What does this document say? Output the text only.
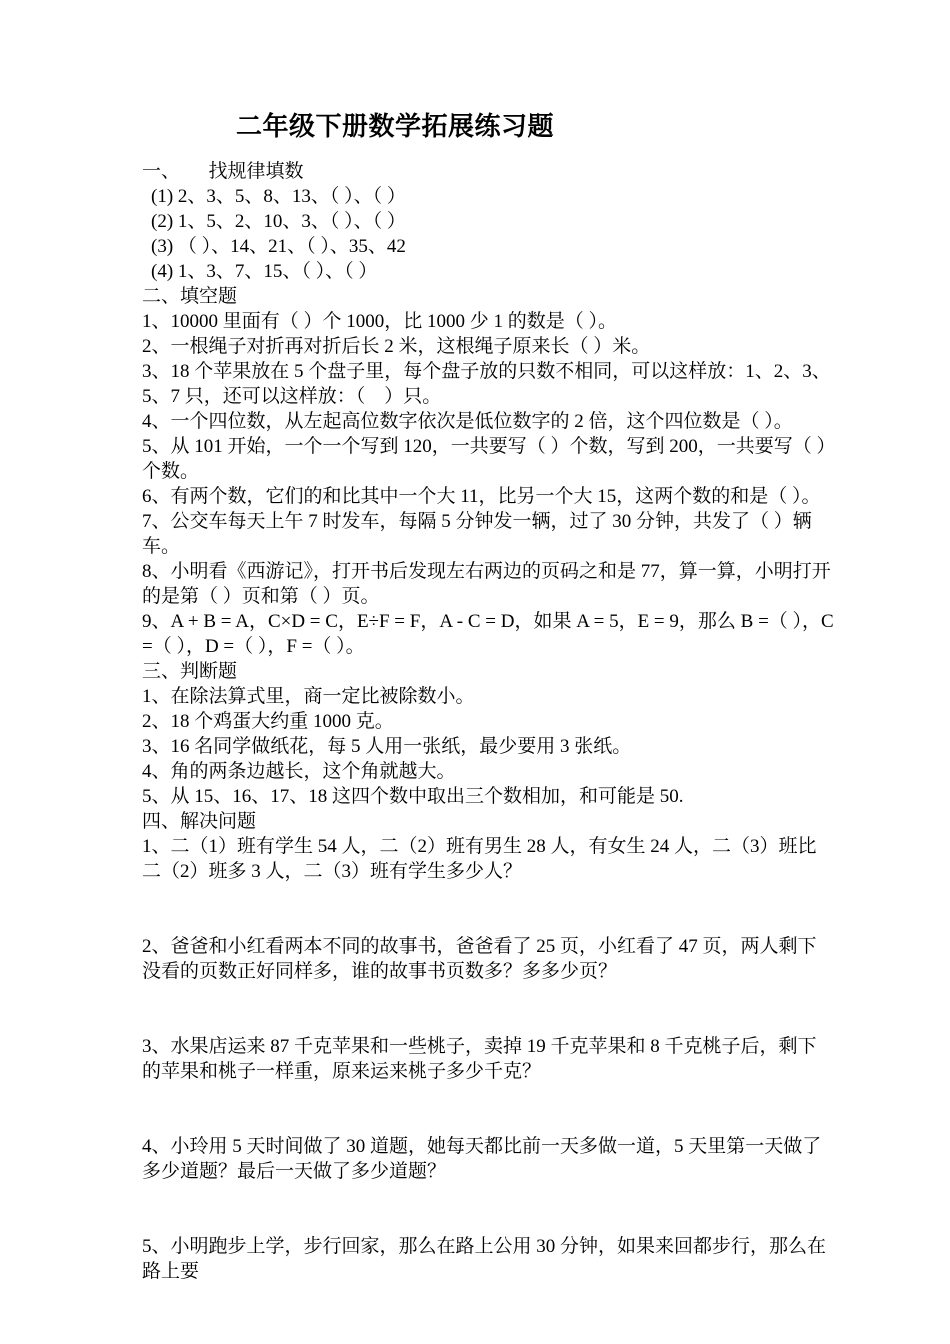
二年级下册数学拓展练习题

一、　　找规律填数

(1) 2、3、5、8、13、（ ）、（ ）

(2) 1、5、2、10、3、（ ）、（ ）

(3) （ ）、14、21、（ ）、35、42

(4) 1、3、7、15、（ ）、（ ）

二、填空题

1、10000 里面有（ ）个 1000，比 1000 少 1 的数是（ ）。

2、一根绳子对折再对折后长 2 米，这根绳子原来长（ ）米。

3、18 个苹果放在 5 个盘子里，每个盘子放的只数不相同，可以这样放：1、2、3、5、7 只，还可以这样放：（　）只。

4、一个四位数，从左起高位数字依次是低位数字的 2 倍，这个四位数是（ ）。

5、从 101 开始，一个一个写到 120，一共要写（ ）个数，写到 200，一共要写（ ）个数。

6、有两个数，它们的和比其中一个大 11，比另一个大 15，这两个数的和是（ ）。

7、公交车每天上午 7 时发车，每隔 5 分钟发一辆，过了 30 分钟，共发了（ ）辆车。

8、小明看《西游记》，打开书后发现左右两边的页码之和是 77，算一算，小明打开的是第（ ）页和第（ ）页。

9、A + B = A，C×D = C，E÷F = F，A - C = D，如果 A = 5，E = 9，那么 B =（ ），C =（ ），D =（ ），F =（ ）。

三、判断题

1、在除法算式里，商一定比被除数小。

2、18 个鸡蛋大约重 1000 克。

3、16 名同学做纸花，每 5 人用一张纸，最少要用 3 张纸。

4、角的两条边越长，这个角就越大。

5、从 15、16、17、18 这四个数中取出三个数相加，和可能是 50.

四、解决问题

1、二（1）班有学生 54 人，二（2）班有男生 28 人，有女生 24 人，二（3）班比二（2）班多 3 人，二（3）班有学生多少人？

2、爸爸和小红看两本不同的故事书，爸爸看了 25 页，小红看了 47 页，两人剩下没看的页数正好同样多，谁的故事书页数多？多多少页？

3、水果店运来 87 千克苹果和一些桃子，卖掉 19 千克苹果和 8 千克桃子后，剩下的苹果和桃子一样重，原来运来桃子多少千克？

4、小玲用 5 天时间做了 30 道题，她每天都比前一天多做一道，5 天里第一天做了多少道题？最后一天做了多少道题？

5、小明跑步上学，步行回家，那么在路上公用 30 分钟，如果来回都步行，那么在路上要
